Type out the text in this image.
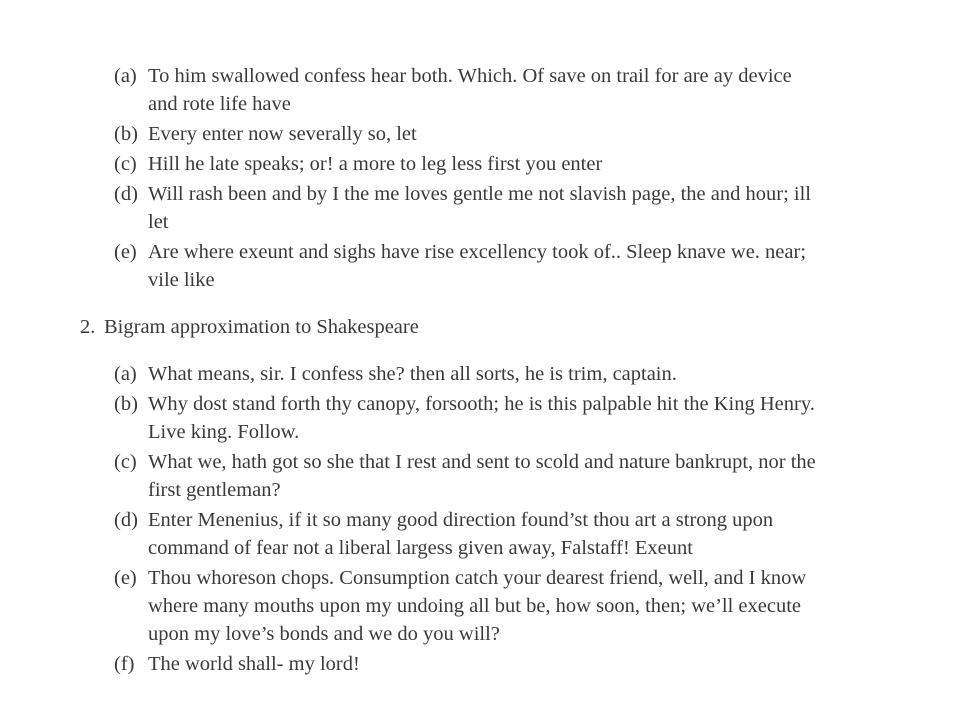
(a) To him swallowed confess hear both. Which. Of save on trail for are ay device and rote life have
(b) Every enter now severally so, let
(c) Hill he late speaks; or! a more to leg less first you enter
(d) Will rash been and by I the me loves gentle me not slavish page, the and hour; ill let
(e) Are where exeunt and sighs have rise excellency took of.. Sleep knave we. near; vile like
2. Bigram approximation to Shakespeare
(a) What means, sir. I confess she? then all sorts, he is trim, captain.
(b) Why dost stand forth thy canopy, forsooth; he is this palpable hit the King Henry. Live king. Follow.
(c) What we, hath got so she that I rest and sent to scold and nature bankrupt, nor the first gentleman?
(d) Enter Menenius, if it so many good direction found’st thou art a strong upon command of fear not a liberal largess given away, Falstaff! Exeunt
(e) Thou whoreson chops. Consumption catch your dearest friend, well, and I know where many mouths upon my undoing all but be, how soon, then; we’ll execute upon my love’s bonds and we do you will?
(f) The world shall- my lord!
